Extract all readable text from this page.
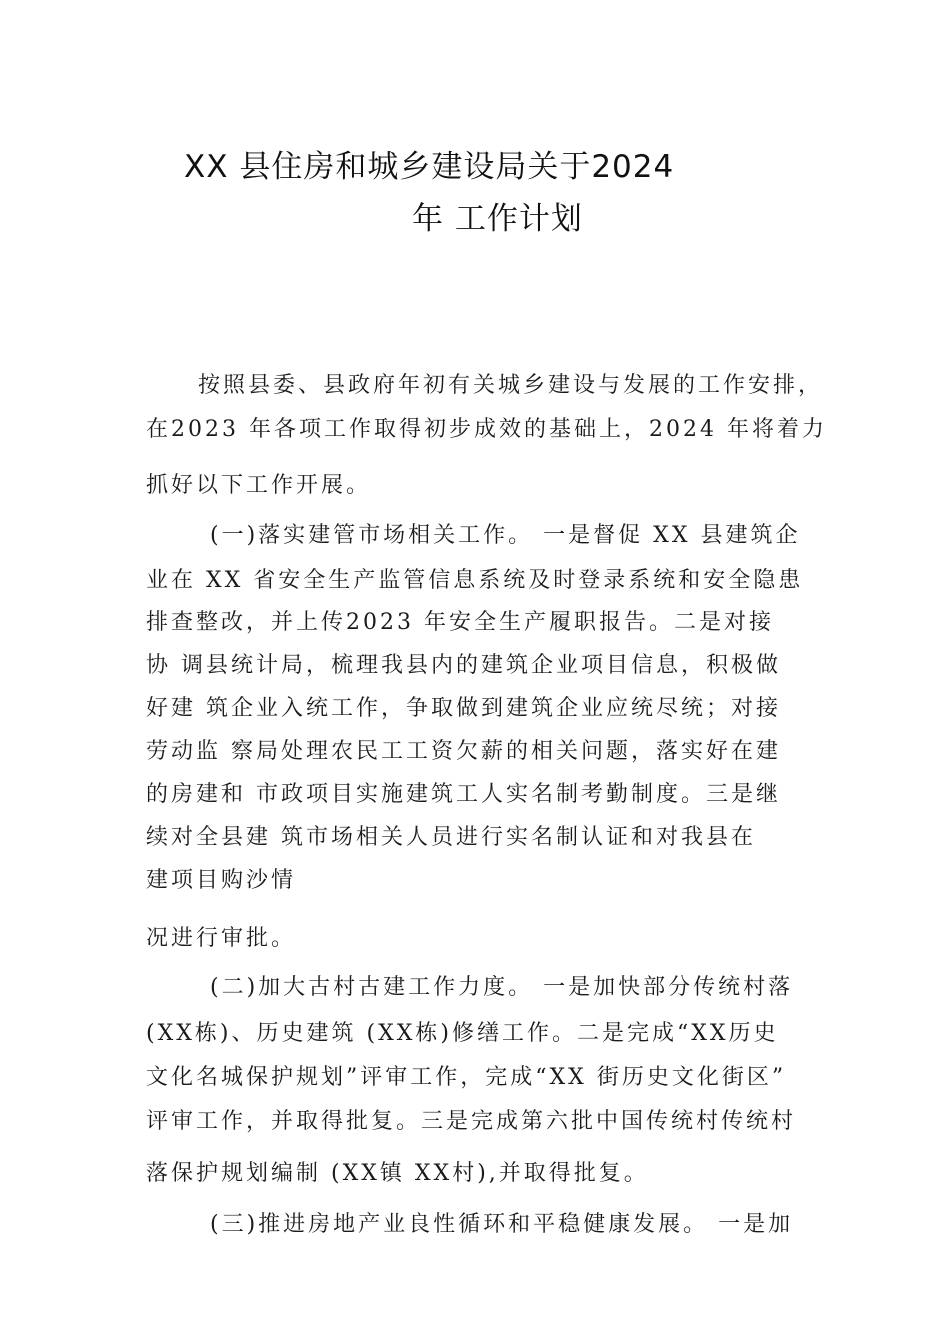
XX 县住房和城乡建设局关于2024
年 工作计划
按照县委、县政府年初有关城乡建设与发展的工作安排，
在2023 年各项工作取得初步成效的基础上，2024 年将着力
抓好以下工作开展。
(一)落实建管市场相关工作。 一是督促 XX 县建筑企
业在 XX 省安全生产监管信息系统及时登录系统和安全隐患
排查整改，并上传2023 年安全生产履职报告。二是对接
协 调县统计局，梳理我县内的建筑企业项目信息，积极做
好建 筑企业入统工作，争取做到建筑企业应统尽统；对接
劳动监 察局处理农民工工资欠薪的相关问题，落实好在建
的房建和 市政项目实施建筑工人实名制考勤制度。三是继
续对全县建 筑市场相关人员进行实名制认证和对我县在
建项目购沙情
况进行审批。
(二)加大古村古建工作力度。 一是加快部分传统村落
(XX栋)、历史建筑 (XX栋)修缮工作。二是完成“XX历史
文化名城保护规划”评审工作，完成“XX 街历史文化街区”
评审工作，并取得批复。三是完成第六批中国传统村传统村
落保护规划编制 (XX镇 XX村),并取得批复。
(三)推进房地产业良性循环和平稳健康发展。 一是加
